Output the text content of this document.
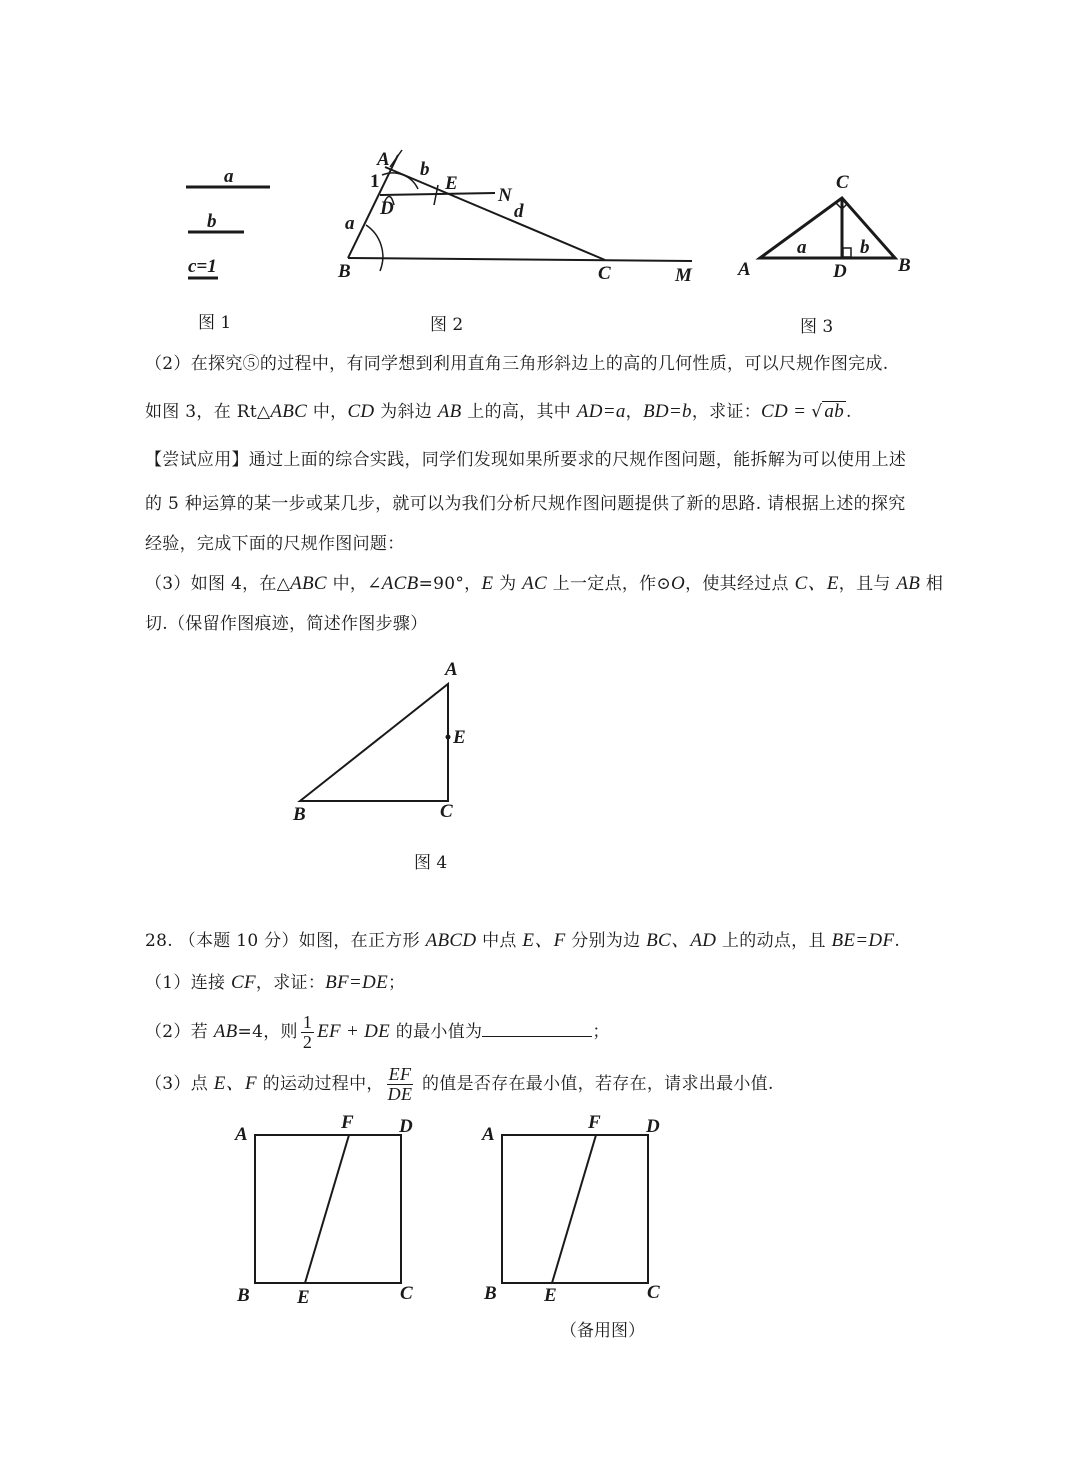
a
b
c=1
图 1
A
1
b
E
N
D	d
a
B	C	M
图 2
C
a	b
A	D	B
图 3
（2）在探究⑤的过程中，有同学想到利用直角三角形斜边上的高的几何性质，可以尺规作图完成.
如图 3，在 Rt△ABC 中，CD 为斜边 AB 上的高，其中 AD=a，BD=b，求证：CD = √ ab .
【尝试应用】通过上面的综合实践，同学们发现如果所要求的尺规作图问题，能拆解为可以使用上述
的 5 种运算的某一步或某几步，就可以为我们分析尺规作图问题提供了新的思路. 请根据上述的探究
经验，完成下面的尺规作图问题：
（3）如图 4，在△ABC 中，∠ACB=90°，E 为 AC 上一定点，作⊙O，使其经过点 C、E，且与 AB 相
切.（保留作图痕迹，简述作图步骤）
A
E
B	C
图 4
28. （本题 10 分）如图，在正方形 ABCD 中点 E、F 分别为边 BC、AD 上的动点，且 BE=DF.
（1）连接 CF，求证：BF=DE；
（2）若 AB=4，则 $\frac{1}{2}$ EF + DE 的最小值为	；
（3）点 E、F 的运动过程中， $\frac{EF}{DE}$ 的值是否存在最小值，若存在，请求出最小值.
A
F D
B E	C
A
F D
B E	C
（备用图）
